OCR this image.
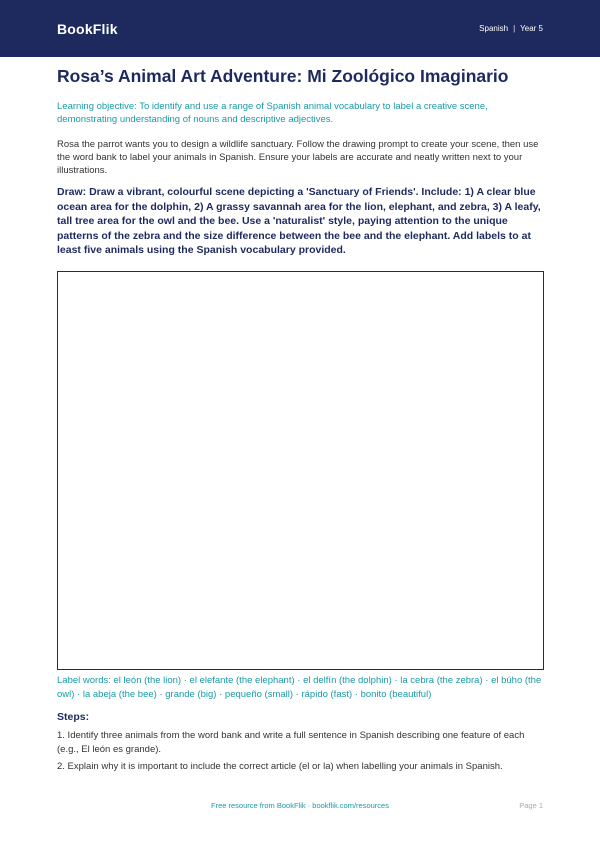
BookFlik	Spanish | Year 5
Rosa’s Animal Art Adventure: Mi Zoológico Imaginario

Learning objective: To identify and use a range of Spanish animal vocabulary to label a creative scene, demonstrating understanding of nouns and descriptive adjectives.

Rosa the parrot wants you to design a wildlife sanctuary. Follow the drawing prompt to create your scene, then use the word bank to label your animals in Spanish. Ensure your labels are accurate and neatly written next to your illustrations.

Draw: Draw a vibrant, colourful scene depicting a 'Sanctuary of Friends'. Include: 1) A clear blue ocean area for the dolphin, 2) A grassy savannah area for the lion, elephant, and zebra, 3) A leafy, tall tree area for the owl and the bee. Use a 'naturalist' style, paying attention to the unique patterns of the zebra and the size difference between the bee and the elephant. Add labels to at least five animals using the Spanish vocabulary provided.

Label words: el león (the lion) · el elefante (the elephant) · el delfín (the dolphin) · la cebra (the zebra) · el búho (the owl) · la abeja (the bee) · grande (big) · pequeño (small) · rápido (fast) · bonito (beautiful)

Steps:
1. Identify three animals from the word bank and write a full sentence in Spanish describing one feature of each (e.g., El león es grande).
2. Explain why it is important to include the correct article (el or la) when labelling your animals in Spanish.
Free resource from BookFlik · bookflik.com/resources	Page 1
